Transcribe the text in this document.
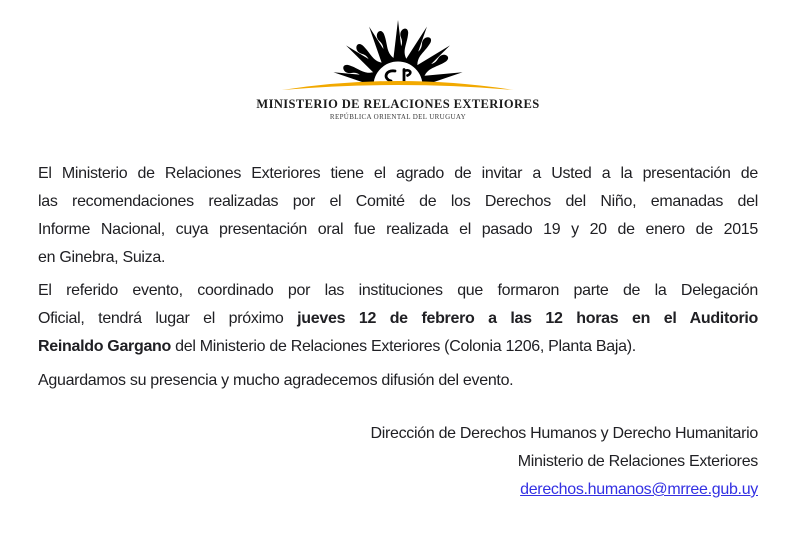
MINISTERIO DE RELACIONES EXTERIORES
REPÚBLICA ORIENTAL DEL URUGUAY
El Ministerio de Relaciones Exteriores tiene el agrado de invitar a Usted a la presentación de
las recomendaciones realizadas por el Comité de los Derechos del Niño, emanadas del
Informe Nacional, cuya presentación oral fue realizada el pasado 19 y 20 de enero de 2015
en Ginebra, Suiza.
El referido evento, coordinado por las instituciones que formaron parte de la Delegación
Oficial, tendrá lugar el próximo jueves 12 de febrero a las 12 horas en el Auditorio
Reinaldo Gargano del Ministerio de Relaciones Exteriores (Colonia 1206, Planta Baja).
Aguardamos su presencia y mucho agradecemos difusión del evento.
Dirección de Derechos Humanos y Derecho Humanitario
Ministerio de Relaciones Exteriores
derechos.humanos@mrree.gub.uy
